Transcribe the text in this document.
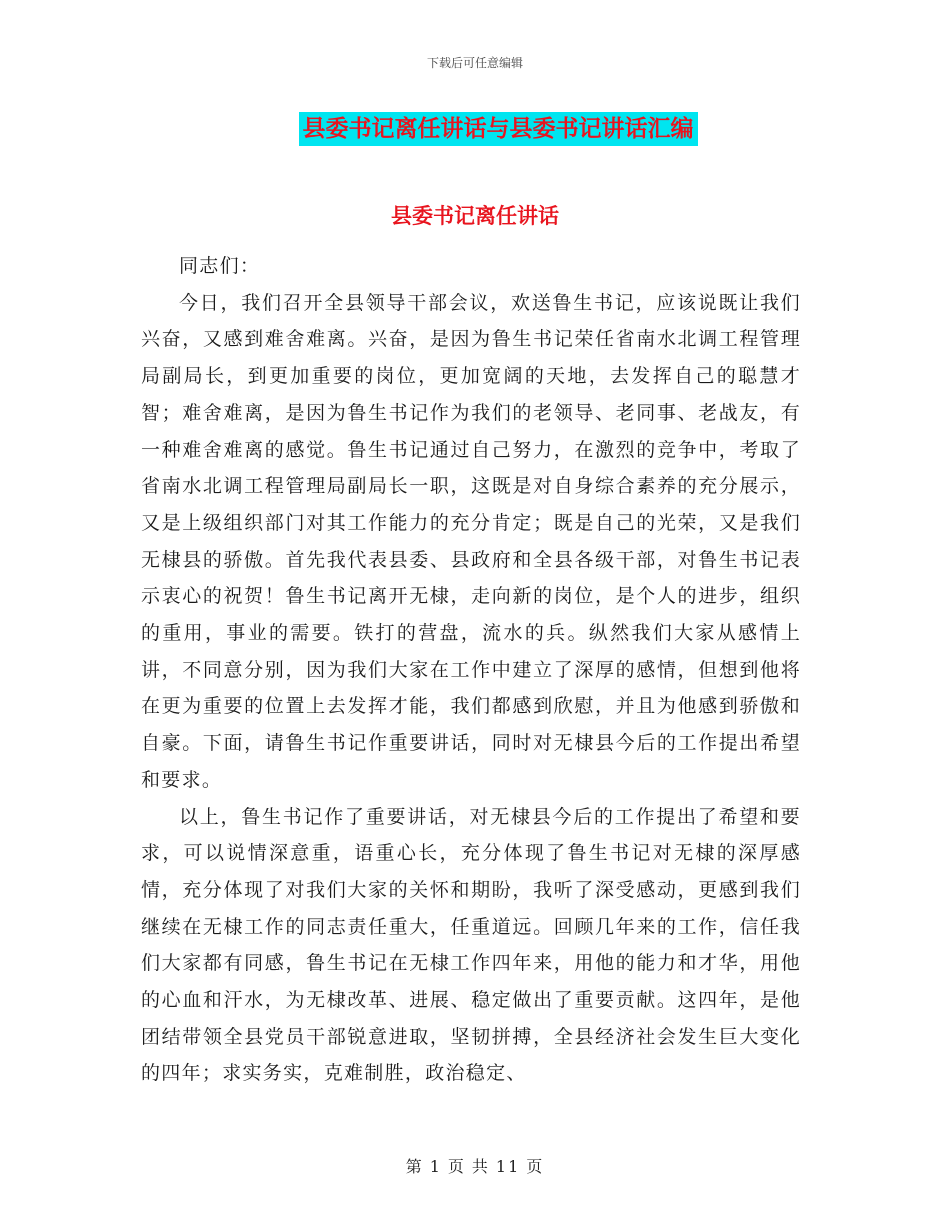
下载后可任意编辑
县委书记离任讲话与县委书记讲话汇编
县委书记离任讲话

同志们：

今日，我们召开全县领导干部会议，欢送鲁生书记，应该说既让我们兴奋，又感到难舍难离。兴奋，是因为鲁生书记荣任省南水北调工程管理局副局长，到更加重要的岗位，更加宽阔的天地，去发挥自己的聪慧才智；难舍难离，是因为鲁生书记作为我们的老领导、老同事、老战友，有一种难舍难离的感觉。鲁生书记通过自己努力，在激烈的竞争中，考取了省南水北调工程管理局副局长一职，这既是对自身综合素养的充分展示，又是上级组织部门对其工作能力的充分肯定；既是自己的光荣，又是我们无棣县的骄傲。首先我代表县委、县政府和全县各级干部，对鲁生书记表示衷心的祝贺！鲁生书记离开无棣，走向新的岗位，是个人的进步，组织的重用，事业的需要。铁打的营盘，流水的兵。纵然我们大家从感情上讲，不同意分别，因为我们大家在工作中建立了深厚的感情，但想到他将在更为重要的位置上去发挥才能，我们都感到欣慰，并且为他感到骄傲和自豪。下面，请鲁生书记作重要讲话，同时对无棣县今后的工作提出希望和要求。

以上，鲁生书记作了重要讲话，对无棣县今后的工作提出了希望和要求，可以说情深意重，语重心长，充分体现了鲁生书记对无棣的深厚感情，充分体现了对我们大家的关怀和期盼，我听了深受感动，更感到我们继续在无棣工作的同志责任重大，任重道远。回顾几年来的工作，信任我们大家都有同感，鲁生书记在无棣工作四年来，用他的能力和才华，用他的心血和汗水，为无棣改革、进展、稳定做出了重要贡献。这四年，是他团结带领全县党员干部锐意进取，坚韧拼搏，全县经济社会发生巨大变化的四年；求实务实，克难制胜，政治稳定、

第 1 页 共 11 页
